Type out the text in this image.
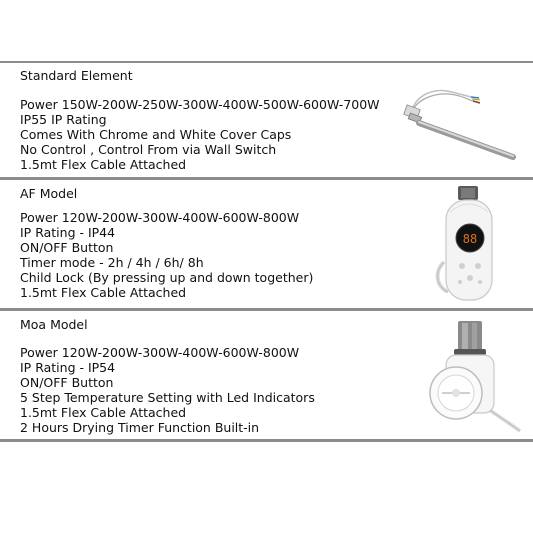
Standard Element
Power 150W-200W-250W-300W-400W-500W-600W-700W
IP55 IP Rating
Comes With Chrome and White Cover Caps
No Control , Control From via Wall Switch
1.5mt Flex Cable Attached
AF Model
Power 120W-200W-300W-400W-600W-800W
IP Rating - IP44
ON/OFF Button
Timer mode - 2h / 4h / 6h/ 8h
Child Lock (By pressing up and down together)
1.5mt Flex Cable Attached
88
Moa Model
Power 120W-200W-300W-400W-600W-800W
IP Rating - IP54
ON/OFF Button
5 Step Temperature Setting with Led Indicators
1.5mt Flex Cable Attached
2 Hours Drying Timer Function Built-in
